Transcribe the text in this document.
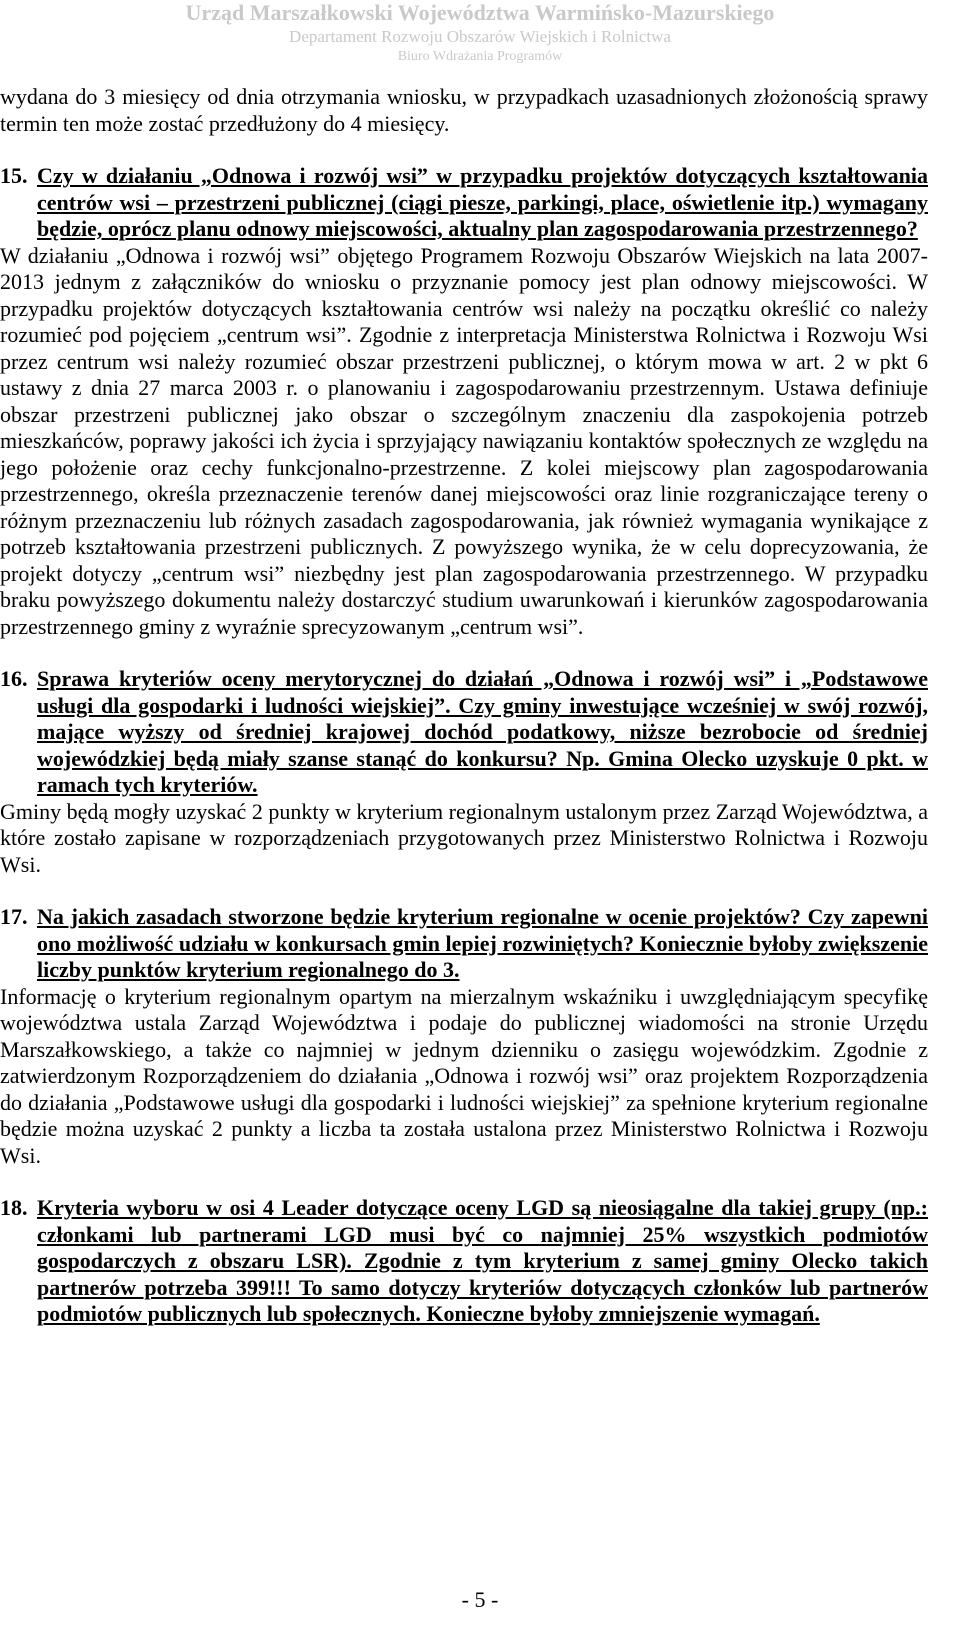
Urząd Marszałkowski Województwa Warmińsko-Mazurskiego
Departament Rozwoju Obszarów Wiejskich i Rolnictwa
Biuro Wdrażania Programów

wydana do 3 miesięcy od dnia otrzymania wniosku, w przypadkach uzasadnionych złożonością sprawy termin ten może zostać przedłużony do 4 miesięcy.

15. Czy w działaniu „Odnowa i rozwój wsi” w przypadku projektów dotyczących kształtowania centrów wsi – przestrzeni publicznej (ciągi piesze, parkingi, place, oświetlenie itp.) wymagany będzie, oprócz planu odnowy miejscowości, aktualny plan zagospodarowania przestrzennego?

W działaniu „Odnowa i rozwój wsi” objętego Programem Rozwoju Obszarów Wiejskich na lata 2007-2013 jednym z załączników do wniosku o przyznanie pomocy jest plan odnowy miejscowości. W przypadku projektów dotyczących kształtowania centrów wsi należy na początku określić co należy rozumieć pod pojęciem „centrum wsi”. Zgodnie z interpretacja Ministerstwa Rolnictwa i Rozwoju Wsi przez centrum wsi należy rozumieć obszar przestrzeni publicznej, o którym mowa w art. 2 w pkt 6 ustawy z dnia 27 marca 2003 r. o planowaniu i zagospodarowaniu przestrzennym. Ustawa definiuje obszar przestrzeni publicznej jako obszar o szczególnym znaczeniu dla zaspokojenia potrzeb mieszkańców, poprawy jakości ich życia i sprzyjający nawiązaniu kontaktów społecznych ze względu na jego położenie oraz cechy funkcjonalno-przestrzenne. Z kolei miejscowy plan zagospodarowania przestrzennego, określa przeznaczenie terenów danej miejscowości oraz linie rozgraniczające tereny o różnym przeznaczeniu lub różnych zasadach zagospodarowania, jak również wymagania wynikające z potrzeb kształtowania przestrzeni publicznych. Z powyższego wynika, że w celu doprecyzowania, że projekt dotyczy „centrum wsi” niezbędny jest plan zagospodarowania przestrzennego. W przypadku braku powyższego dokumentu należy dostarczyć studium uwarunkowań i kierunków zagospodarowania przestrzennego gminy z wyraźnie sprecyzowanym „centrum wsi”.

16. Sprawa kryteriów oceny merytorycznej do działań „Odnowa i rozwój wsi” i „Podstawowe usługi dla gospodarki i ludności wiejskiej”. Czy gminy inwestujące wcześniej w swój rozwój, mające wyższy od średniej krajowej dochód podatkowy, niższe bezrobocie od średniej wojewódzkiej będą miały szanse stanąć do konkursu? Np. Gmina Olecko uzyskuje 0 pkt. w ramach tych kryteriów.

Gminy będą mogły uzyskać 2 punkty w kryterium regionalnym ustalonym przez Zarząd Województwa, a które zostało zapisane w rozporządzeniach przygotowanych przez Ministerstwo Rolnictwa i Rozwoju Wsi.

17. Na jakich zasadach stworzone będzie kryterium regionalne w ocenie projektów? Czy zapewni ono możliwość udziału w konkursach gmin lepiej rozwiniętych? Koniecznie byłoby zwiększenie liczby punktów kryterium regionalnego do 3.

Informację o kryterium regionalnym opartym na mierzalnym wskaźniku i uwzględniającym specyfikę województwa ustala Zarząd Województwa i podaje do publicznej wiadomości na stronie Urzędu Marszałkowskiego, a także co najmniej w jednym dzienniku o zasięgu wojewódzkim. Zgodnie z zatwierdzonym Rozporządzeniem do działania „Odnowa i rozwój wsi” oraz projektem Rozporządzenia do działania „Podstawowe usługi dla gospodarki i ludności wiejskiej” za spełnione kryterium regionalne będzie można uzyskać 2 punkty a liczba ta została ustalona przez Ministerstwo Rolnictwa i Rozwoju Wsi.

18. Kryteria wyboru w osi 4 Leader dotyczące oceny LGD są nieosiągalne dla takiej grupy (np.: członkami lub partnerami LGD musi być co najmniej 25% wszystkich podmiotów gospodarczych z obszaru LSR). Zgodnie z tym kryterium z samej gminy Olecko takich partnerów potrzeba 399!!! To samo dotyczy kryteriów dotyczących członków lub partnerów podmiotów publicznych lub społecznych. Konieczne byłoby zmniejszenie wymagań.
- 5 -
